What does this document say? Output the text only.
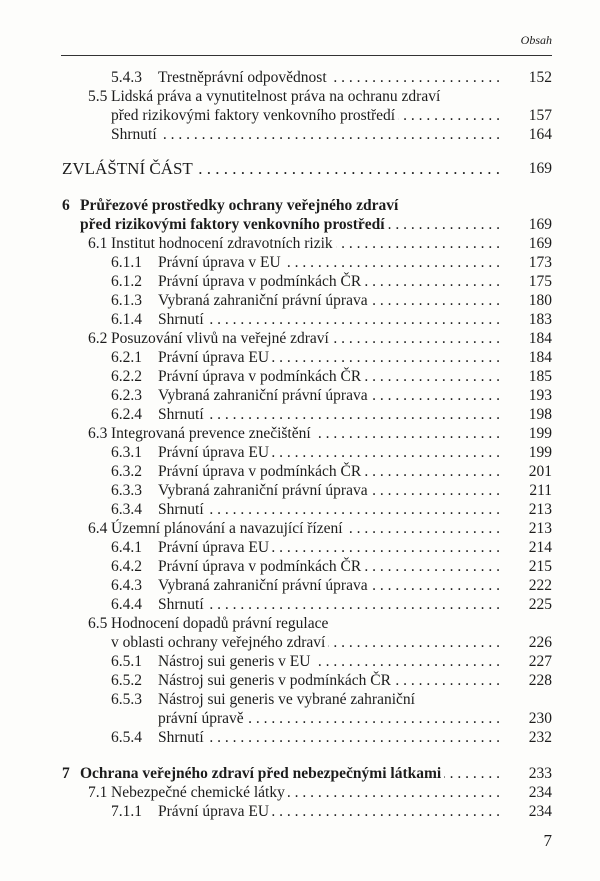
Obsah
5.4.3 Trestněprávní odpovědnost . . .	152
5.5 Lidská práva a vynutitelnost práva na ochranu zdraví
před rizikovými faktory venkovního prostředí . . .	157
Shrnutí . . .	164
ZVLÁŠTNÍ ČÁST . . .	169
6 Průřezové prostředky ochrany veřejného zdraví
před rizikovými faktory venkovního prostředí . . .	169
6.1 Institut hodnocení zdravotních rizik . . .	169
6.1.1 Právní úprava v EU . . .	173
6.1.2 Právní úprava v podmínkách ČR . . .	175
6.1.3 Vybraná zahraniční právní úprava . . .	180
6.1.4 Shrnutí . . .	183
6.2 Posuzování vlivů na veřejné zdraví . . .	184
6.2.1 Právní úprava EU . . .	184
6.2.2 Právní úprava v podmínkách ČR . . .	185
6.2.3 Vybraná zahraniční právní úprava . . .	193
6.2.4 Shrnutí . . .	198
6.3 Integrovaná prevence znečištění . . .	199
6.3.1 Právní úprava EU . . .	199
6.3.2 Právní úprava v podmínkách ČR . . .	201
6.3.3 Vybraná zahraniční právní úprava . . .	211
6.3.4 Shrnutí . . .	213
6.4 Územní plánování a navazující řízení . . .	213
6.4.1 Právní úprava EU . . .	214
6.4.2 Právní úprava v podmínkách ČR . . .	215
6.4.3 Vybraná zahraniční právní úprava . . .	222
6.4.4 Shrnutí . . .	225
6.5 Hodnocení dopadů právní regulace
v oblasti ochrany veřejného zdraví . . .	226
6.5.1 Nástroj sui generis v EU . . .	227
6.5.2 Nástroj sui generis v podmínkách ČR . . .	228
6.5.3 Nástroj sui generis ve vybrané zahraniční
právní úpravě . . .	230
6.5.4 Shrnutí . . .	232
7 Ochrana veřejného zdraví před nebezpečnými látkami . . .	233
7.1 Nebezpečné chemické látky . . .	234
7.1.1 Právní úprava EU . . .	234
7
